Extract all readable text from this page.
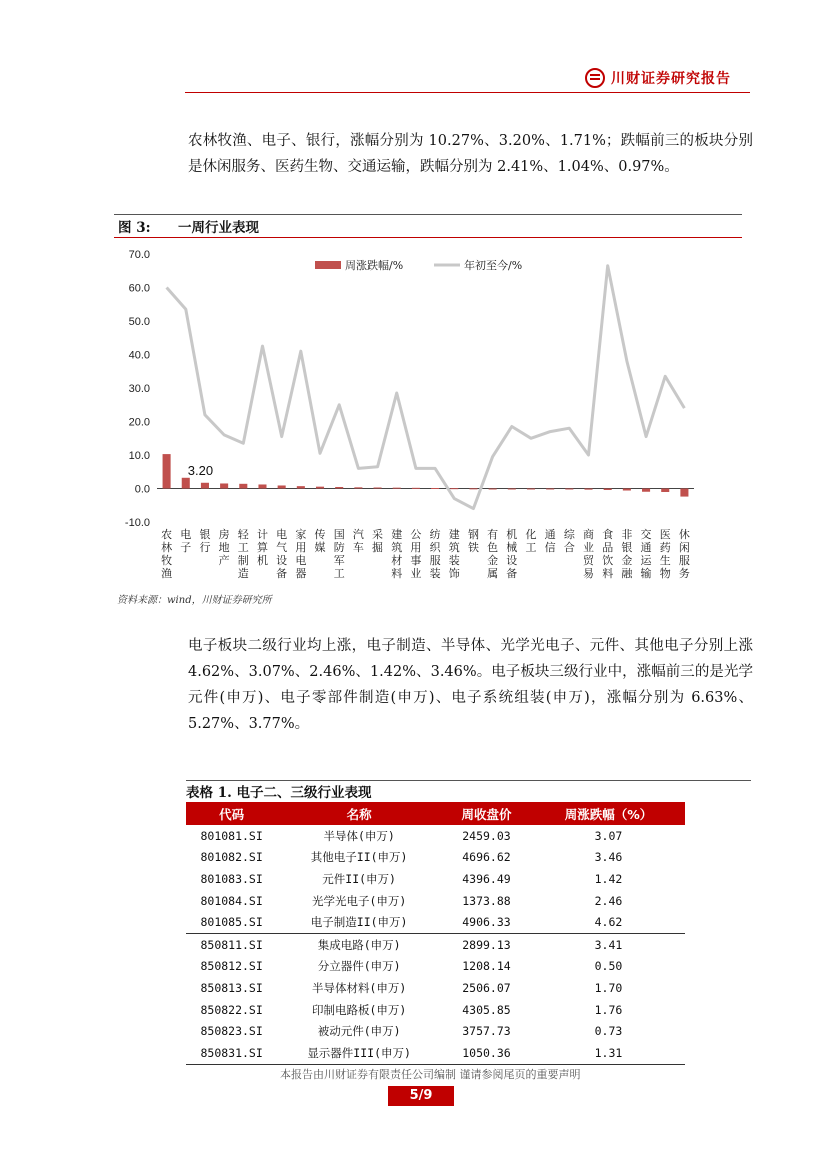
川财证券研究报告
农林牧渔、电子、银行，涨幅分别为 10.27%、3.20%、1.71%；跌幅前三的板块分别是休闲服务、医药生物、交通运输，跌幅分别为 2.41%、1.04%、0.97%。
图 3:	一周行业表现
70.0
60.0
50.0
40.0
30.0
20.0
10.0
0.0
-10.0
3.20
周涨跌幅/%	年初至今/%
农林牧渔
电子
银行
房地产
轻工制造
计算机
电气设备
家用电器
传媒
国防军工
汽车
采掘
建筑材料
公用事业
纺织服装
建筑装饰
钢铁
有色金属
机械设备
化工
通信
综合
商业贸易
食品饮料
非银金融
交通运输
医药生物
休闲服务
资料来源：wind，川财证券研究所
电子板块二级行业均上涨，电子制造、半导体、光学光电子、元件、其他电子分别上涨 4.62%、3.07%、2.46%、1.42%、3.46%。电子板块三级行业中，涨幅前三的是光学元件(申万)、电子零部件制造(申万)、电子系统组装(申万)，涨幅分别为 6.63%、5.27%、3.77%。
表格 1. 电子二、三级行业表现
代码	名称	周收盘价	周涨跌幅（%）
801081.SI	半导体(申万)	2459.03	3.07
801082.SI	其他电子II(申万)	4696.62	3.46
801083.SI	元件II(申万)	4396.49	1.42
801084.SI	光学光电子(申万)	1373.88	2.46
801085.SI	电子制造II(申万)	4906.33	4.62
850811.SI	集成电路(申万)	2899.13	3.41
850812.SI	分立器件(申万)	1208.14	0.50
850813.SI	半导体材料(申万)	2506.07	1.70
850822.SI	印制电路板(申万)	4305.85	1.76
850823.SI	被动元件(申万)	3757.73	0.73
850831.SI	显示器件III(申万)	1050.36	1.31
本报告由川财证券有限责任公司编制 谨请参阅尾页的重要声明
5/9
